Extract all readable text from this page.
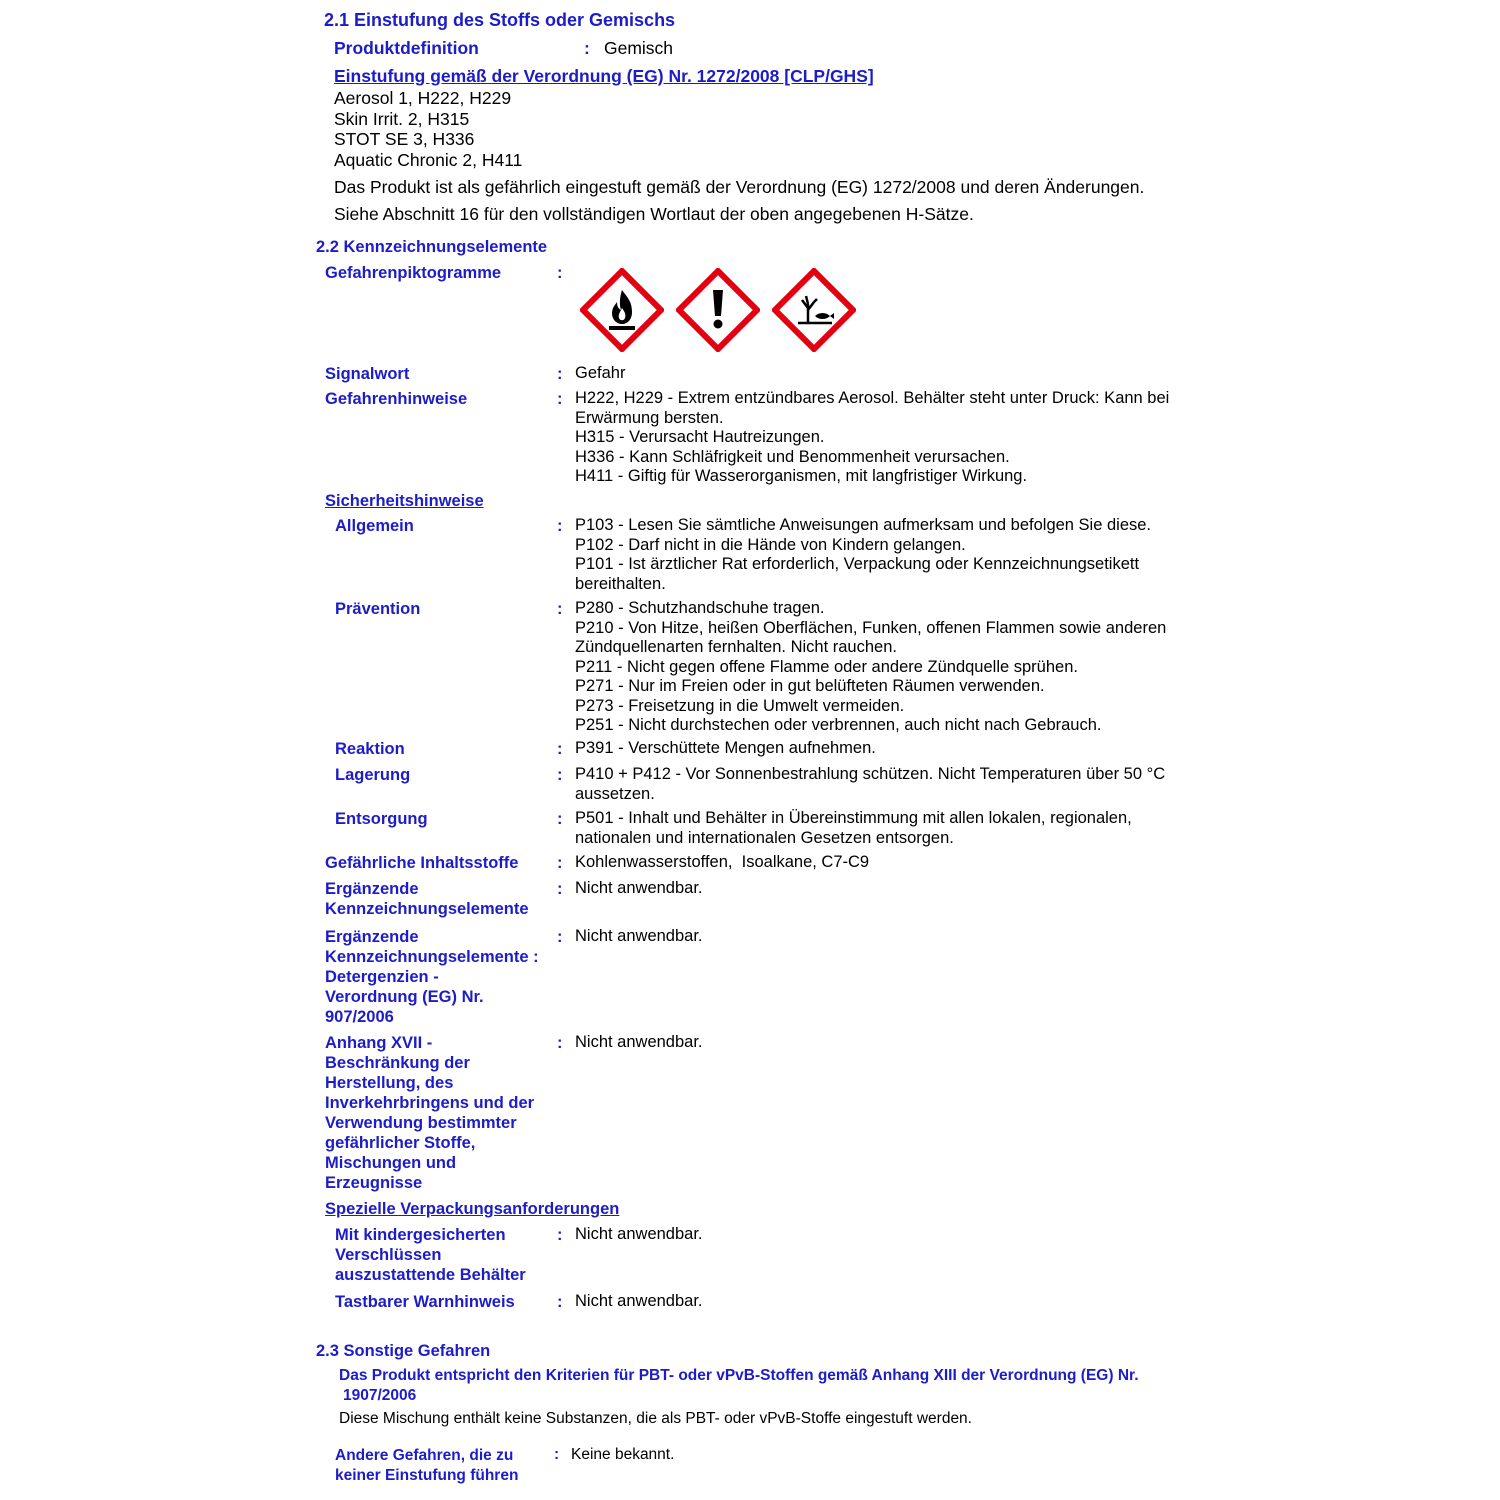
2.1 Einstufung des Stoffs oder Gemischs
Produktdefinition	: Gemisch
Einstufung gemäß der Verordnung (EG) Nr. 1272/2008 [CLP/GHS]
Aerosol 1, H222, H229
Skin Irrit. 2, H315
STOT SE 3, H336
Aquatic Chronic 2, H411
Das Produkt ist als gefährlich eingestuft gemäß der Verordnung (EG) 1272/2008 und deren Änderungen.
Siehe Abschnitt 16 für den vollständigen Wortlaut der oben angegebenen H-Sätze.
2.2 Kennzeichnungselemente
Gefahrenpiktogramme	:
Signalwort	: Gefahr
Gefahrenhinweise	: H222, H229 - Extrem entzündbares Aerosol. Behälter steht unter Druck: Kann bei
Erwärmung bersten.
H315 - Verursacht Hautreizungen.
H336 - Kann Schläfrigkeit und Benommenheit verursachen.
H411 - Giftig für Wasserorganismen, mit langfristiger Wirkung.
Sicherheitshinweise
Allgemein	: P103 - Lesen Sie sämtliche Anweisungen aufmerksam und befolgen Sie diese.
P102 - Darf nicht in die Hände von Kindern gelangen.
P101 - Ist ärztlicher Rat erforderlich, Verpackung oder Kennzeichnungsetikett
bereithalten.
Prävention	: P280 - Schutzhandschuhe tragen.
P210 - Von Hitze, heißen Oberflächen, Funken, offenen Flammen sowie anderen
Zündquellenarten fernhalten. Nicht rauchen.
P211 - Nicht gegen offene Flamme oder andere Zündquelle sprühen.
P271 - Nur im Freien oder in gut belüfteten Räumen verwenden.
P273 - Freisetzung in die Umwelt vermeiden.
P251 - Nicht durchstechen oder verbrennen, auch nicht nach Gebrauch.
Reaktion	: P391 - Verschüttete Mengen aufnehmen.
Lagerung	: P410 + P412 - Vor Sonnenbestrahlung schützen. Nicht Temperaturen über 50 °C
aussetzen.
Entsorgung	: P501 - Inhalt und Behälter in Übereinstimmung mit allen lokalen, regionalen,
nationalen und internationalen Gesetzen entsorgen.
Gefährliche Inhaltsstoffe : Kohlenwasserstoffen,  Isoalkane, C7-C9
Ergänzende
Kennzeichnungselemente
: Nicht anwendbar.
Ergänzende
Kennzeichnungselemente :
Detergenzien -
Verordnung (EG) Nr.
907/2006
: Nicht anwendbar.
Anhang XVII -
Beschränkung der
Herstellung, des
Inverkehrbringens und der
Verwendung bestimmter
gefährlicher Stoffe,
Mischungen und
Erzeugnisse
: Nicht anwendbar.
Spezielle Verpackungsanforderungen
Mit kindergesicherten
Verschlüssen
auszustattende Behälter
: Nicht anwendbar.
Tastbarer Warnhinweis	: Nicht anwendbar.
2.3 Sonstige Gefahren
Das Produkt entspricht den Kriterien für PBT- oder vPvB-Stoffen gemäß Anhang XIII der Verordnung (EG) Nr.
1907/2006
Diese Mischung enthält keine Substanzen, die als PBT- oder vPvB-Stoffe eingestuft werden.
Andere Gefahren, die zu
keiner Einstufung führen
: Keine bekannt.
